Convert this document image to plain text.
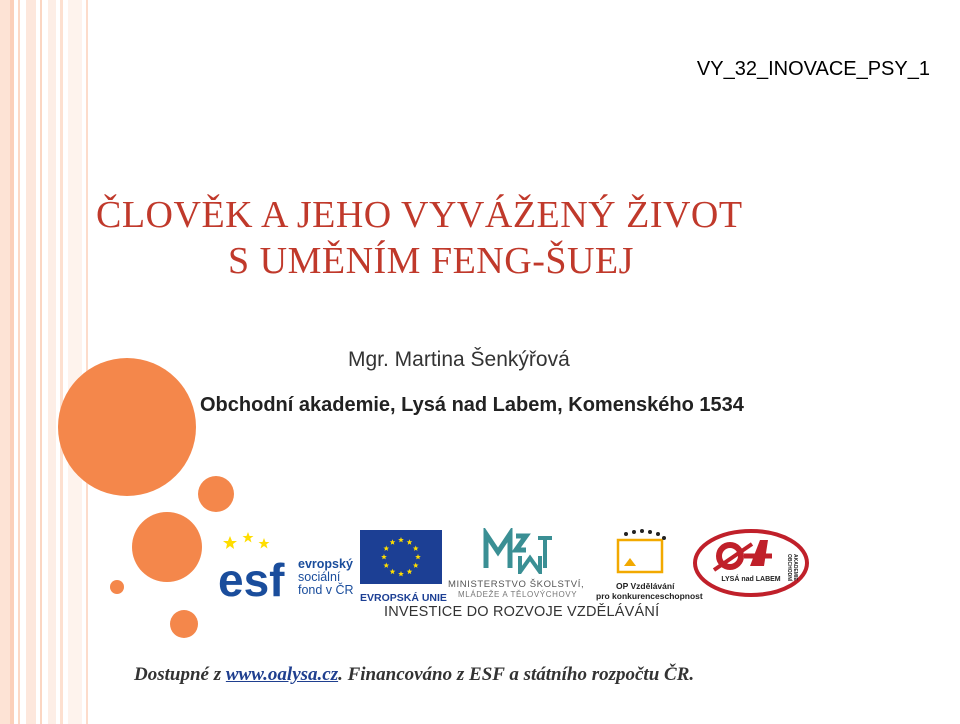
VY_32_INOVACE_PSY_1
ČLOVĚK A JEHO VYVÁŽENÝ ŽIVOT
S UMĚNÍM FENG-ŠUEJ
Mgr. Martina Šenkýřová
Obchodní akademie, Lysá nad Labem, Komenského 1534
esf evropský
sociální
fond v ČR
EVROPSKÁ UNIE
MINISTERSTVO ŠKOLSTVÍ,
MLÁDEŽE A TĚLOVÝCHOVY
OP Vzdělávání
pro konkurenceschopnost
LYSÁ nad LABEM OBCHODNÍ AKADEMIE
INVESTICE DO ROZVOJE VZDĚLÁVÁNÍ
Dostupné z www.oalysa.cz. Financováno z ESF a státního rozpočtu ČR.
